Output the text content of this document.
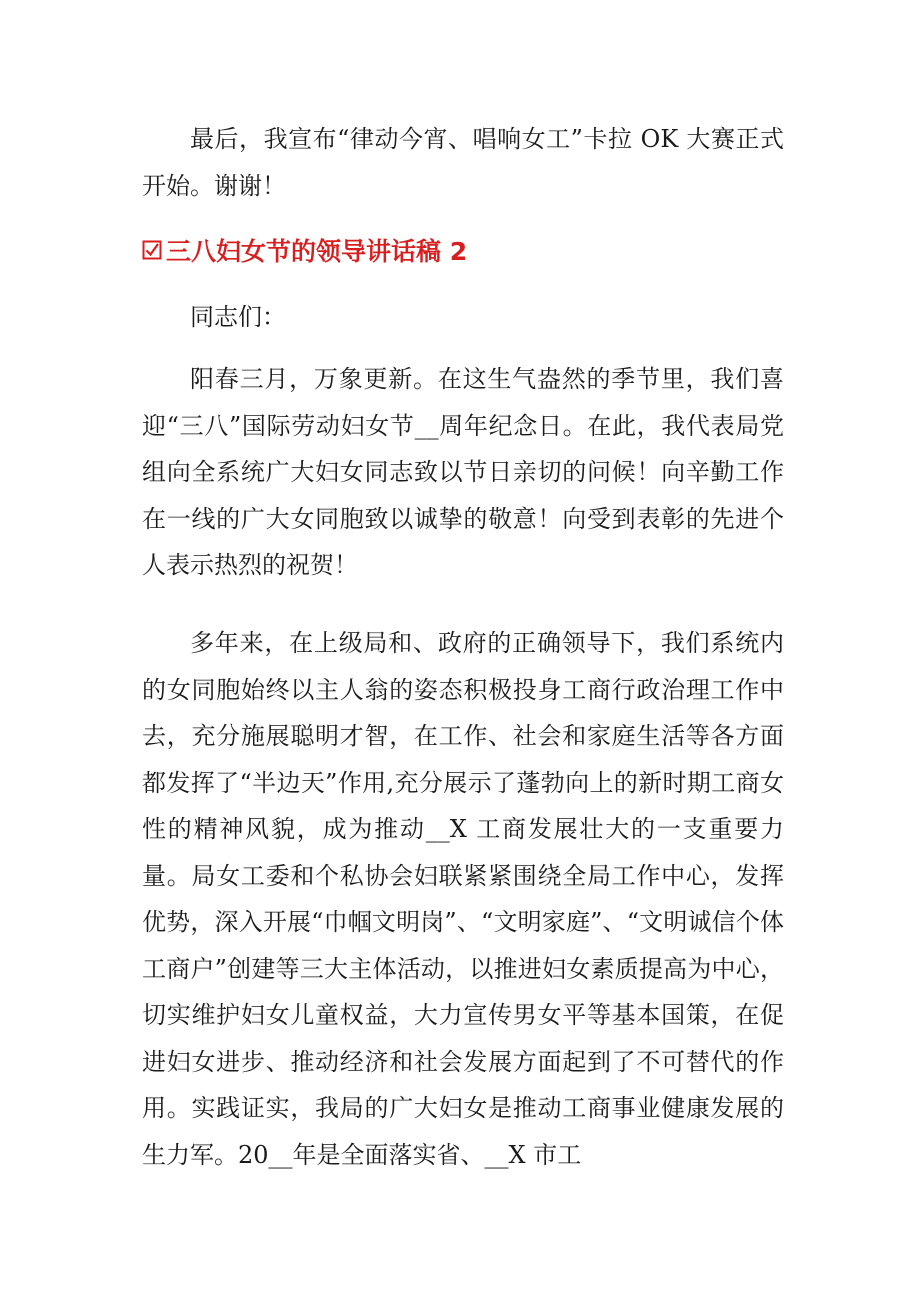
最后，我宣布“律动今宵、唱响女工”卡拉 OK 大赛正式开始。谢谢！

三八妇女节的领导讲话稿 2

同志们：

阳春三月，万象更新。在这生气盎然的季节里，我们喜迎“三八”国际劳动妇女节__周年纪念日。在此，我代表局党组向全系统广大妇女同志致以节日亲切的问候！向辛勤工作在一线的广大女同胞致以诚挚的敬意！向受到表彰的先进个人表示热烈的祝贺！

多年来，在上级局和、政府的正确领导下，我们系统内的女同胞始终以主人翁的姿态积极投身工商行政治理工作中去，充分施展聪明才智，在工作、社会和家庭生活等各方面都发挥了“半边天”作用,充分展示了蓬勃向上的新时期工商女性的精神风貌，成为推动__X 工商发展壮大的一支重要力量。局女工委和个私协会妇联紧紧围绕全局工作中心，发挥优势，深入开展“巾帼文明岗”、“文明家庭”、“文明诚信个体工商户”创建等三大主体活动，以推进妇女素质提高为中心，切实维护妇女儿童权益，大力宣传男女平等基本国策，在促进妇女进步、推动经济和社会发展方面起到了不可替代的作用。实践证实，我局的广大妇女是推动工商事业健康发展的生力军。20__年是全面落实省、__X 市工
